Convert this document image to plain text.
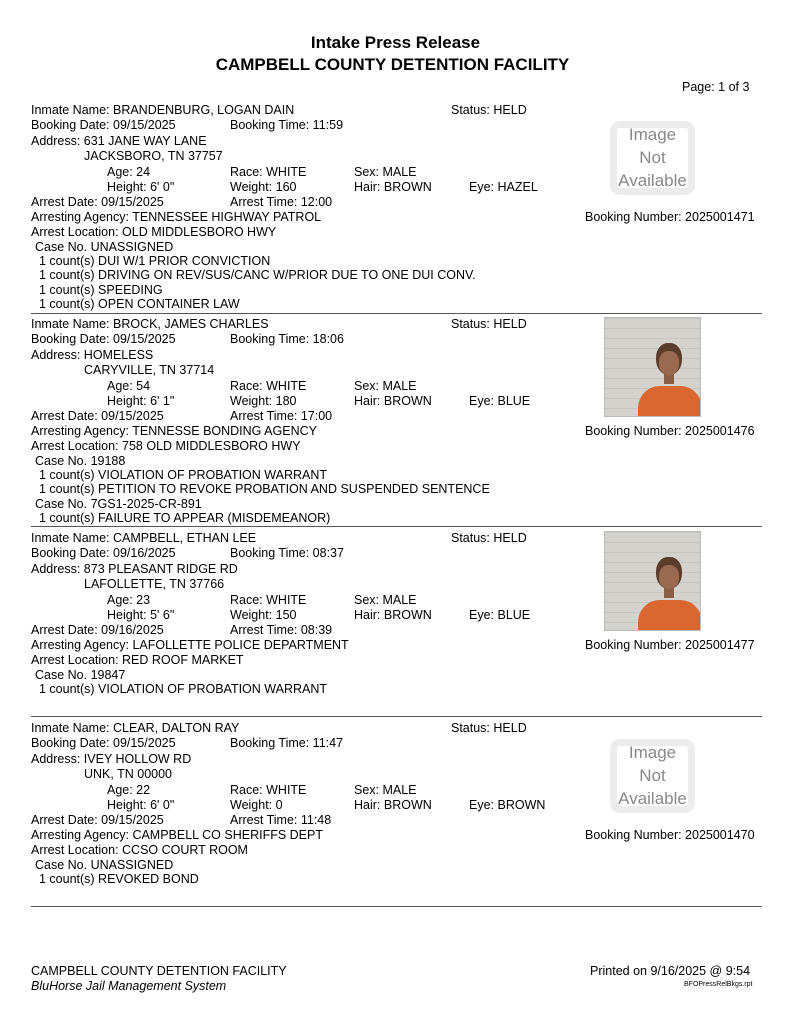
Intake Press Release
CAMPBELL COUNTY DETENTION FACILITY
Page: 1 of 3
Inmate Name: BRANDENBURG, LOGAN DAIN	Status: HELD
Booking Date: 09/15/2025	Booking Time: 11:59
Address: 631 JANE WAY LANE
JACKSBORO, TN 37757
Age: 24	Race: WHITE	Sex: MALE
Height: 6' 0"	Weight: 160	Hair: BROWN	Eye: HAZEL
Arrest Date: 09/15/2025	Arrest Time: 12:00
Arresting Agency: TENNESSEE HIGHWAY PATROL	Booking Number: 2025001471
Arrest Location: OLD MIDDLESBORO HWY
Case No. UNASSIGNED
1 count(s) DUI W/1 PRIOR CONVICTION
1 count(s) DRIVING ON REV/SUS/CANC W/PRIOR DUE TO ONE DUI CONV.
1 count(s) SPEEDING
1 count(s) OPEN CONTAINER LAW
Image
Not
Available
Inmate Name: BROCK, JAMES CHARLES	Status: HELD
Booking Date: 09/15/2025	Booking Time: 18:06
Address: HOMELESS
CARYVILLE, TN 37714
Age: 54	Race: WHITE	Sex: MALE
Height: 6' 1"	Weight: 180	Hair: BROWN	Eye: BLUE
Arrest Date: 09/15/2025	Arrest Time: 17:00
Arresting Agency: TENNESSE BONDING AGENCY	Booking Number: 2025001476
Arrest Location: 758 OLD MIDDLESBORO HWY
Case No. 19188
1 count(s) VIOLATION OF PROBATION WARRANT
1 count(s) PETITION TO REVOKE PROBATION AND SUSPENDED SENTENCE
Case No. 7GS1-2025-CR-891
1 count(s) FAILURE TO APPEAR (MISDEMEANOR)
Inmate Name: CAMPBELL, ETHAN LEE	Status: HELD
Booking Date: 09/16/2025	Booking Time: 08:37
Address: 873 PLEASANT RIDGE RD
LAFOLLETTE, TN 37766
Age: 23	Race: WHITE	Sex: MALE
Height: 5' 6"	Weight: 150	Hair: BROWN	Eye: BLUE
Arrest Date: 09/16/2025	Arrest Time: 08:39
Arresting Agency: LAFOLLETTE POLICE DEPARTMENT	Booking Number: 2025001477
Arrest Location: RED ROOF MARKET
Case No. 19847
1 count(s) VIOLATION OF PROBATION WARRANT
Inmate Name: CLEAR, DALTON RAY	Status: HELD
Booking Date: 09/15/2025	Booking Time: 11:47
Address: IVEY HOLLOW RD
UNK, TN 00000
Age: 22	Race: WHITE	Sex: MALE
Height: 6' 0"	Weight: 0	Hair: BROWN	Eye: BROWN
Arrest Date: 09/15/2025	Arrest Time: 11:48
Arresting Agency: CAMPBELL CO SHERIFFS DEPT	Booking Number: 2025001470
Arrest Location: CCSO COURT ROOM
Case No. UNASSIGNED
1 count(s) REVOKED BOND
Image
Not
Available
CAMPBELL COUNTY DETENTION FACILITY
BluHorse Jail Management System
Printed on 9/16/2025 @ 9:54
BFOPressRelBkgs.rpt
